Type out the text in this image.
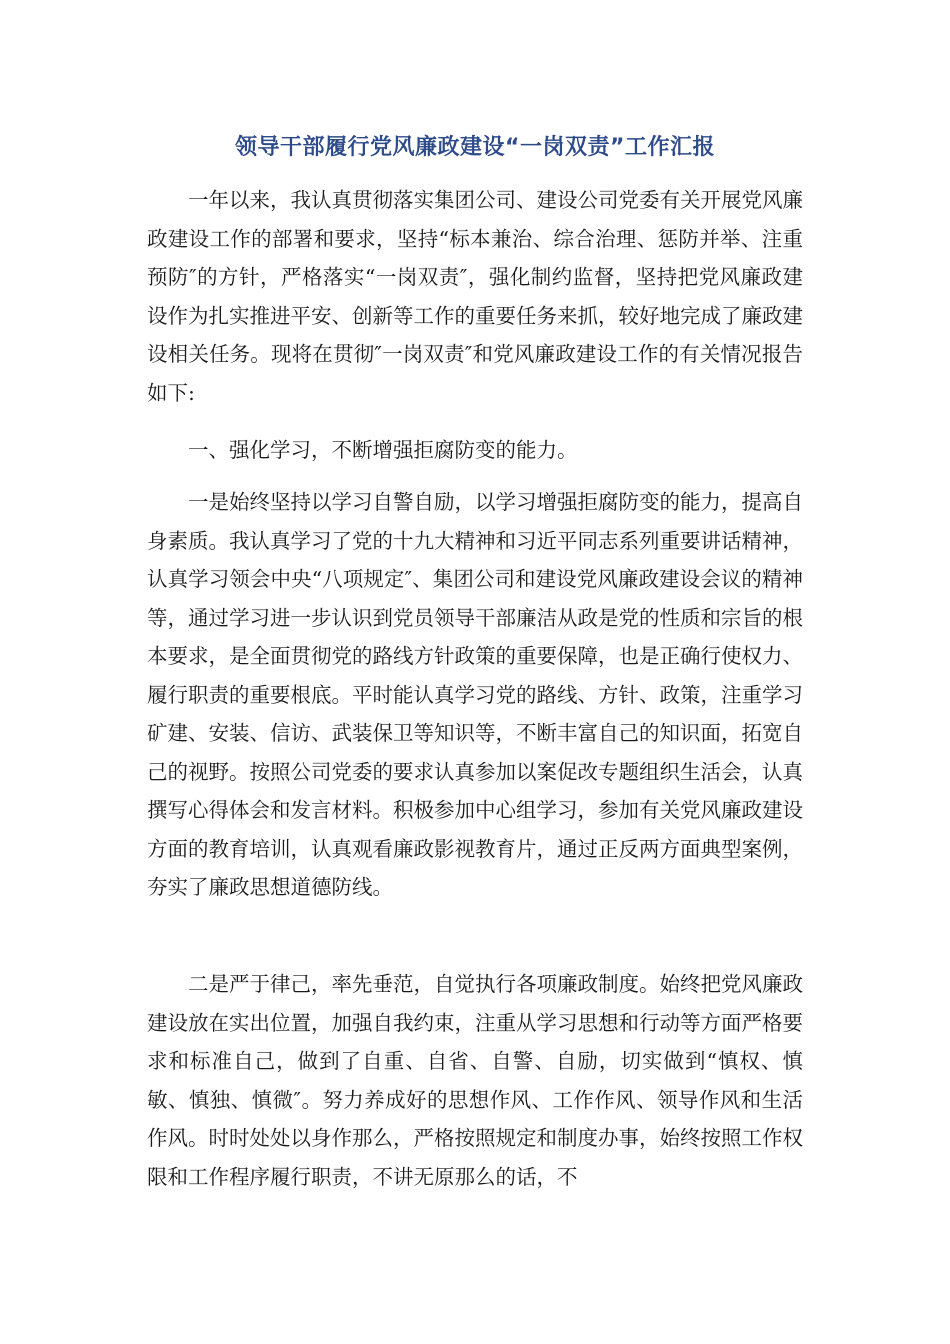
领导干部履行党风廉政建设“一岗双责”工作汇报

一年以来，我认真贯彻落实集团公司、建设公司党委有关开展党风廉政建设工作的部署和要求，坚持“标本兼治、综合治理、惩防并举、注重预防″的方针，严格落实“一岗双责″，强化制约监督，坚持把党风廉政建设作为扎实推进平安、创新等工作的重要任务来抓，较好地完成了廉政建设相关任务。现将在贯彻″一岗双责″和党风廉政建设工作的有关情况报告如下:

一、强化学习，不断增强拒腐防变的能力。

一是始终坚持以学习自警自励，以学习增强拒腐防变的能力，提高自身素质。我认真学习了党的十九大精神和习近平同志系列重要讲话精神，认真学习领会中央“八项规定″、集团公司和建设党风廉政建设会议的精神等，通过学习进一步认识到党员领导干部廉洁从政是党的性质和宗旨的根本要求，是全面贯彻党的路线方针政策的重要保障，也是正确行使权力、履行职责的重要根底。平时能认真学习党的路线、方针、政策，注重学习矿建、安装、信访、武装保卫等知识等，不断丰富自己的知识面，拓宽自己的视野。按照公司党委的要求认真参加以案促改专题组织生活会，认真撰写心得体会和发言材料。积极参加中心组学习，参加有关党风廉政建设方面的教育培训，认真观看廉政影视教育片，通过正反两方面典型案例，夯实了廉政思想道德防线。

二是严于律己，率先垂范，自觉执行各项廉政制度。始终把党风廉政建设放在实出位置，加强自我约束，注重从学习思想和行动等方面严格要求和标准自己，做到了自重、自省、自警、自励，切实做到“慎权、慎敏、慎独、慎微″。努力养成好的思想作风、工作作风、领导作风和生活作风。时时处处以身作那么，严格按照规定和制度办事，始终按照工作权限和工作程序履行职责，不讲无原那么的话，不
